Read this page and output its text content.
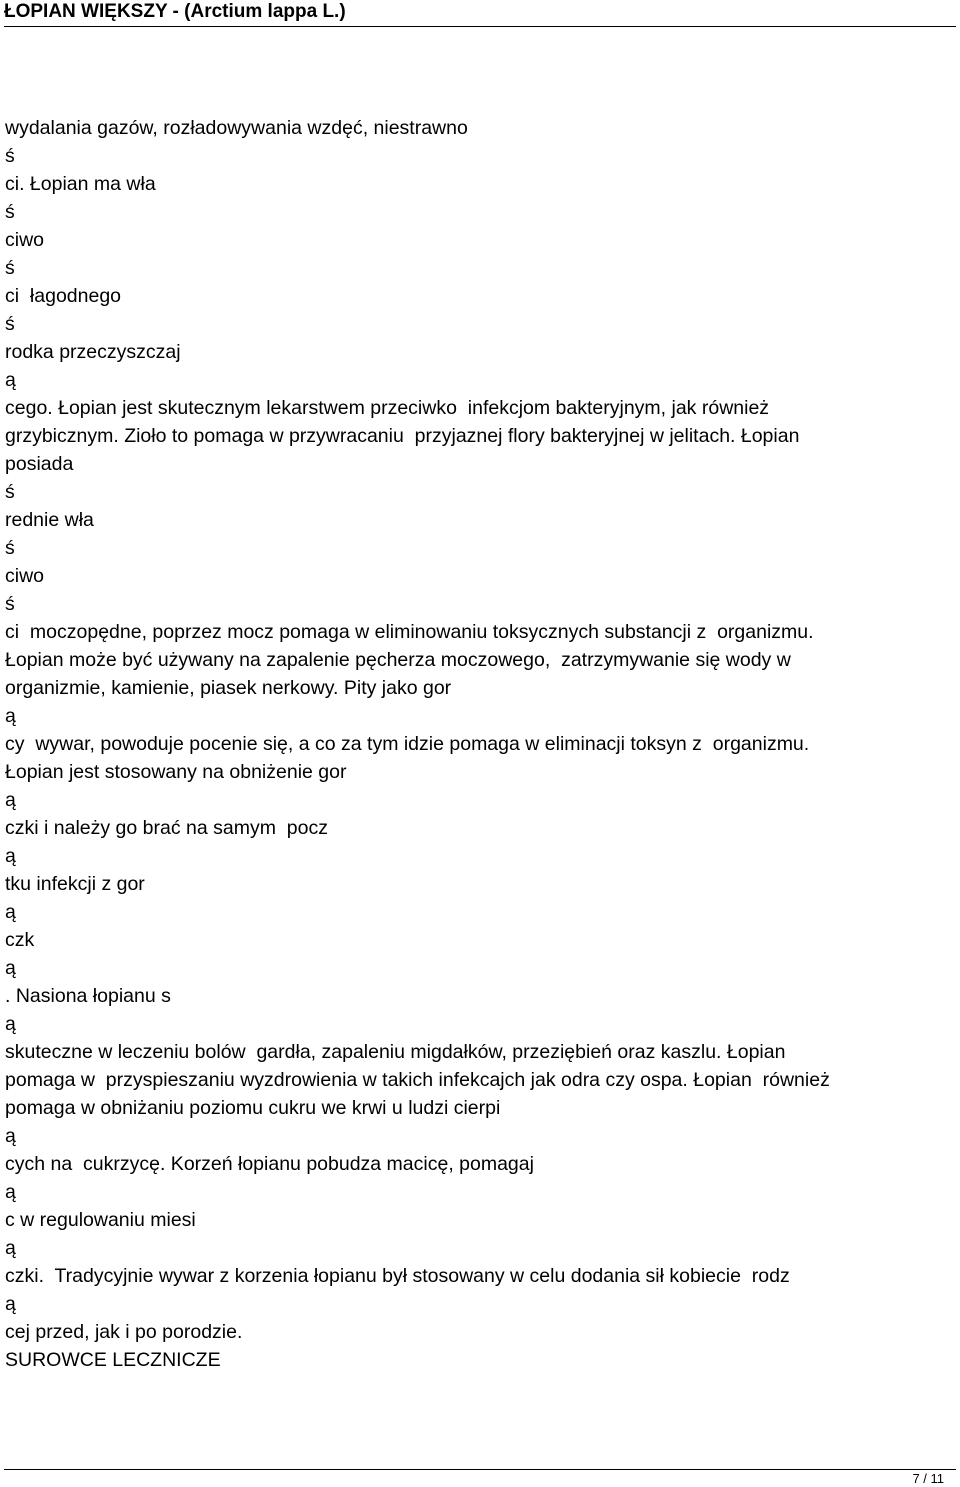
ŁOPIAN WIĘKSZY - (Arctium lappa L.)
wydalania gazów, rozładowywania wzdęć, niestrawno
ś
ci. Łopian ma wła
ś
ciwo
ś
ci  łagodnego
ś
rodka przeczyszczaj
ą
cego. Łopian jest skutecznym lekarstwem przeciwko  infekcjom bakteryjnym, jak również
grzybicznym. Zioło to pomaga w przywracaniu  przyjaznej flory bakteryjnej w jelitach. Łopian
posiada
ś
rednie wła
ś
ciwo
ś
ci  moczopędne, poprzez mocz pomaga w eliminowaniu toksycznych substancji z  organizmu.
Łopian może być używany na zapalenie pęcherza moczowego,  zatrzymywanie się wody w
organizmie, kamienie, piasek nerkowy. Pity jako gor
ą
cy  wywar, powoduje pocenie się, a co za tym idzie pomaga w eliminacji toksyn z  organizmu.
Łopian jest stosowany na obniżenie gor
ą
czki i należy go brać na samym  pocz
ą
tku infekcji z gor
ą
czk
ą
. Nasiona łopianu s
ą
skuteczne w leczeniu bolów  gardła, zapaleniu migdałków, przeziębień oraz kaszlu. Łopian
pomaga w  przyspieszaniu wyzdrowienia w takich infekcajch jak odra czy ospa. Łopian  również
pomaga w obniżaniu poziomu cukru we krwi u ludzi cierpi
ą
cych na  cukrzycę. Korzeń łopianu pobudza macicę, pomagaj
ą
c w regulowaniu miesi
ą
czki.  Tradycyjnie wywar z korzenia łopianu był stosowany w celu dodania sił kobiecie  rodz
ą
cej przed, jak i po porodzie.
SUROWCE LECZNICZE
7 / 11
